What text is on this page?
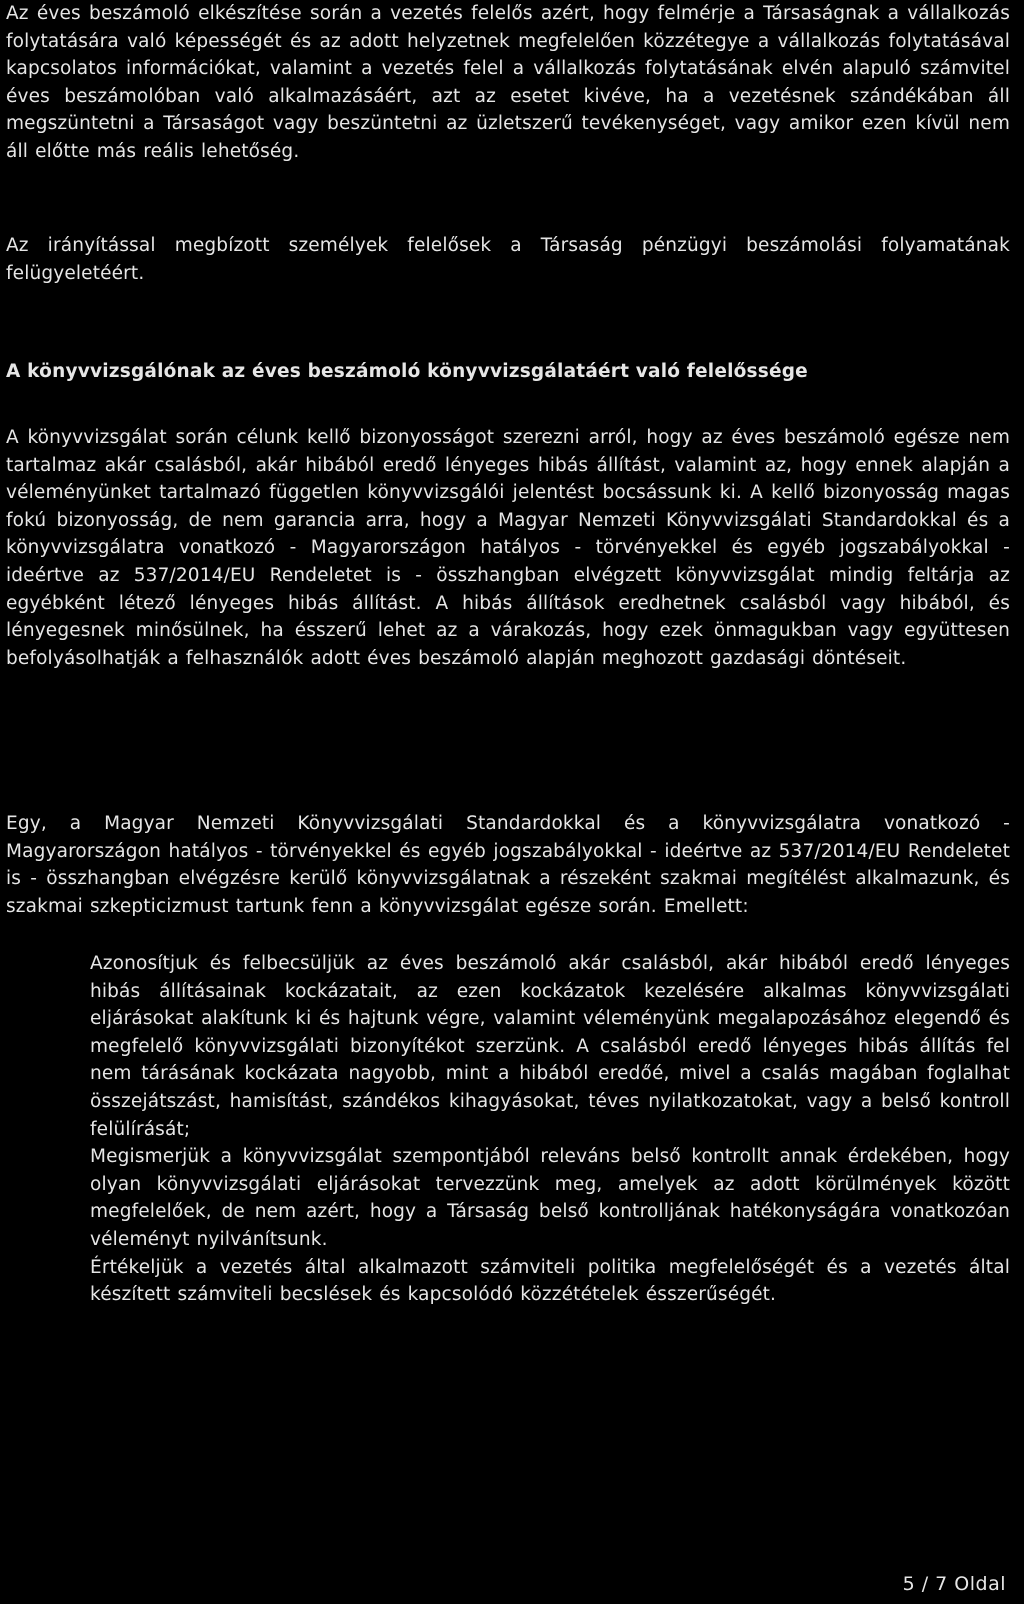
Az éves beszámoló elkészítése során a vezetés felelős azért, hogy felmérje a Társaságnak a vállalkozás folytatására való képességét és az adott helyzetnek megfelelően közzétegye a vállalkozás folytatásával kapcsolatos információkat, valamint a vezetés felel a vállalkozás folytatásának elvén alapuló számvitel éves beszámolóban való alkalmazásáért, azt az esetet kivéve, ha a vezetésnek szándékában áll megszüntetni a Társaságot vagy beszüntetni az üzletszerű tevékenységet, vagy amikor ezen kívül nem áll előtte más reális lehetőség.

Az irányítással megbízott személyek felelősek a Társaság pénzügyi beszámolási folyamatának felügyeletéért.

A könyvvizsgálónak az éves beszámoló könyvvizsgálatáért való felelőssége

A könyvvizsgálat során célunk kellő bizonyosságot szerezni arról, hogy az éves beszámoló egésze nem tartalmaz akár csalásból, akár hibából eredő lényeges hibás állítást, valamint az, hogy ennek alapján a véleményünket tartalmazó független könyvvizsgálói jelentést bocsássunk ki. A kellő bizonyosság magas fokú bizonyosság, de nem garancia arra, hogy a Magyar Nemzeti Könyvvizsgálati Standardokkal és a könyvvizsgálatra vonatkozó - Magyarországon hatályos - törvényekkel és egyéb jogszabályokkal - ideértve az 537/2014/EU Rendeletet is - összhangban elvégzett könyvvizsgálat mindig feltárja az egyébként létező lényeges hibás állítást. A hibás állítások eredhetnek csalásból vagy hibából, és lényegesnek minősülnek, ha ésszerű lehet az a várakozás, hogy ezek önmagukban vagy együttesen befolyásolhatják a felhasználók adott éves beszámoló alapján meghozott gazdasági döntéseit.

Egy, a Magyar Nemzeti Könyvvizsgálati Standardokkal és a könyvvizsgálatra vonatkozó - Magyarországon hatályos - törvényekkel és egyéb jogszabályokkal - ideértve az 537/2014/EU Rendeletet is - összhangban elvégzésre kerülő könyvvizsgálatnak a részeként szakmai megítélést alkalmazunk, és szakmai szkepticizmust tartunk fenn a könyvvizsgálat egésze során. Emellett:

Azonosítjuk és felbecsüljük az éves beszámoló akár csalásból, akár hibából eredő lényeges hibás állításainak kockázatait, az ezen kockázatok kezelésére alkalmas könyvvizsgálati eljárásokat alakítunk ki és hajtunk végre, valamint véleményünk megalapozásához elegendő és megfelelő könyvvizsgálati bizonyítékot szerzünk. A csalásból eredő lényeges hibás állítás fel nem tárásának kockázata nagyobb, mint a hibából eredőé, mivel a csalás magában foglalhat összejátszást, hamisítást, szándékos kihagyásokat, téves nyilatkozatokat, vagy a belső kontroll felülírását;
Megismerjük a könyvvizsgálat szempontjából releváns belső kontrollt annak érdekében, hogy olyan könyvvizsgálati eljárásokat tervezzünk meg, amelyek az adott körülmények között megfelelőek, de nem azért, hogy a Társaság belső kontrolljának hatékonyságára vonatkozóan véleményt nyilvánítsunk.
Értékeljük a vezetés által alkalmazott számviteli politika megfelelőségét és a vezetés által készített számviteli becslések és kapcsolódó közzétételek ésszerűségét.

5 / 7 Oldal
